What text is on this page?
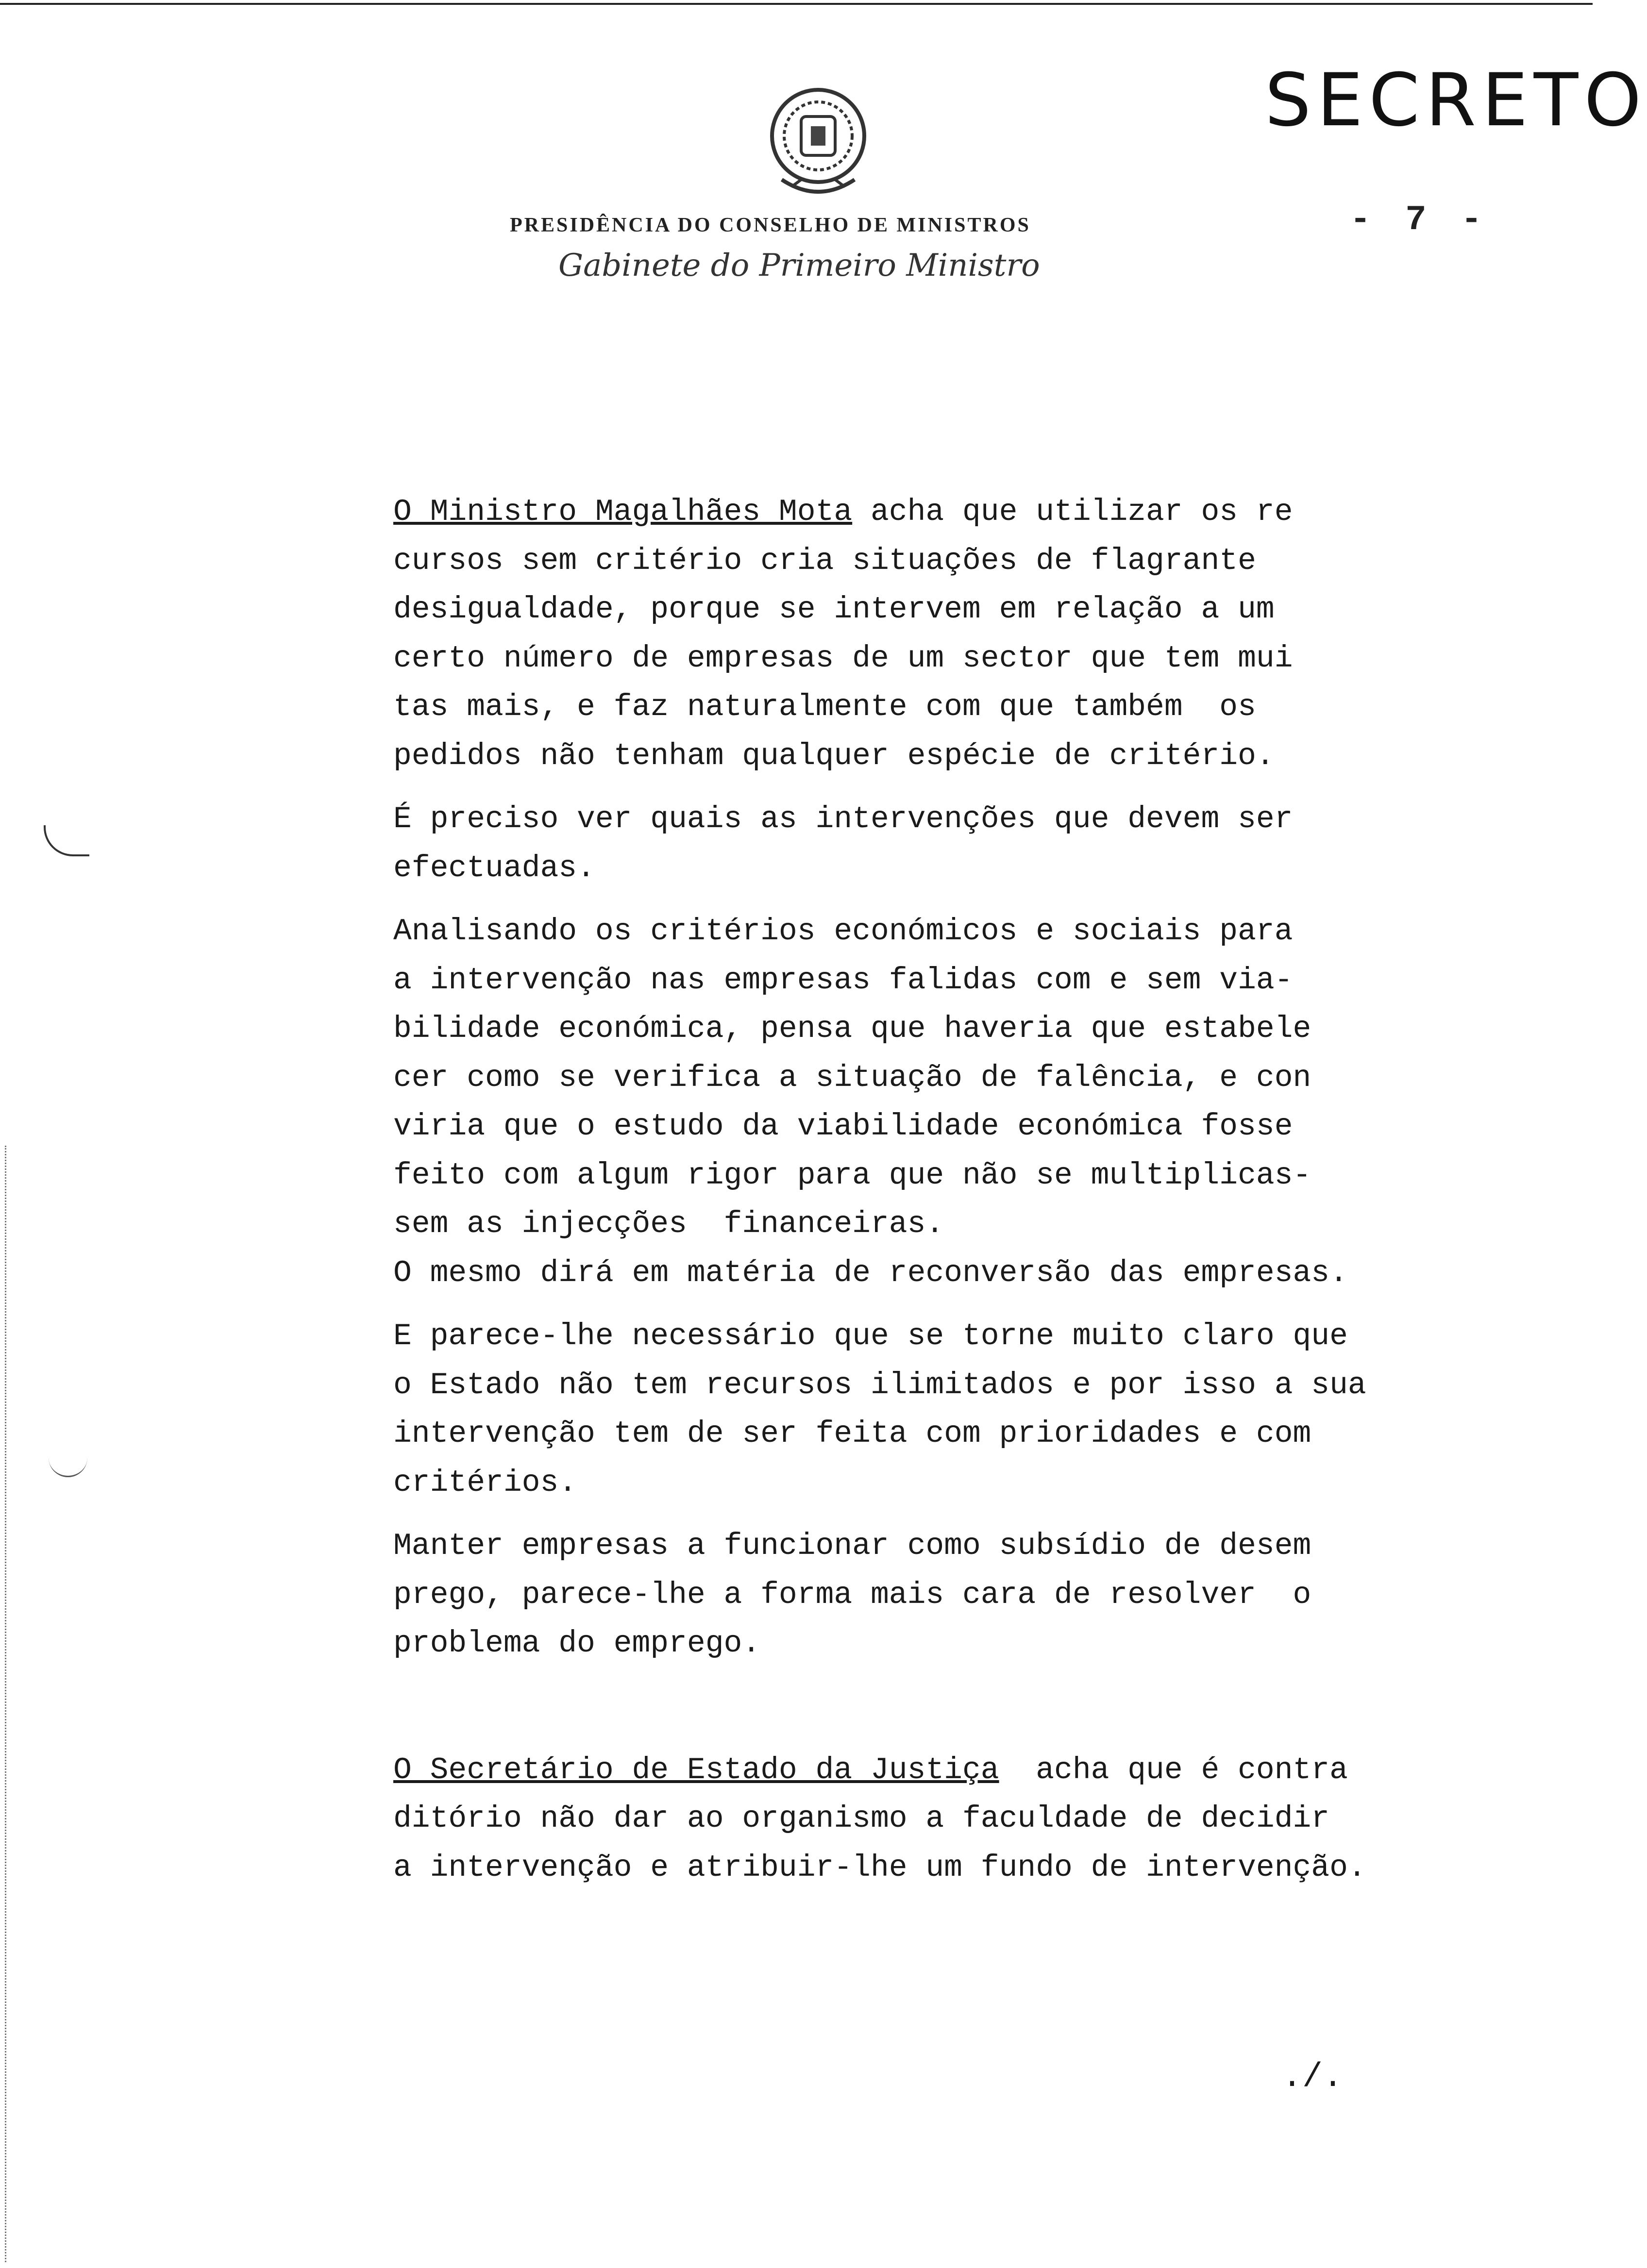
SECRETO
PRESIDÊNCIA DO CONSELHO DE MINISTROS	- 7 -
Gabinete do Primeiro Ministro

O Ministro Magalhães Mota acha que utilizar os re
cursos sem critério cria situações de flagrante
desigualdade, porque se intervem em relação a um
certo número de empresas de um sector que tem mui
tas mais, e faz naturalmente com que também  os
pedidos não tenham qualquer espécie de critério.

É preciso ver quais as intervenções que devem ser
efectuadas.

Analisando os critérios económicos e sociais para
a intervenção nas empresas falidas com e sem via-
bilidade económica, pensa que haveria que estabele
cer como se verifica a situação de falência, e con
viria que o estudo da viabilidade económica fosse
feito com algum rigor para que não se multiplicas-
sem as injecções  financeiras.
O mesmo dirá em matéria de reconversão das empresas.

E parece-lhe necessário que se torne muito claro que
o Estado não tem recursos ilimitados e por isso a sua
intervenção tem de ser feita com prioridades e com
critérios.

Manter empresas a funcionar como subsídio de desem
prego, parece-lhe a forma mais cara de resolver  o
problema do emprego.

O Secretário de Estado da Justiça  acha que é contra
ditório não dar ao organismo a faculdade de decidir
a intervenção e atribuir-lhe um fundo de intervenção.

./.
